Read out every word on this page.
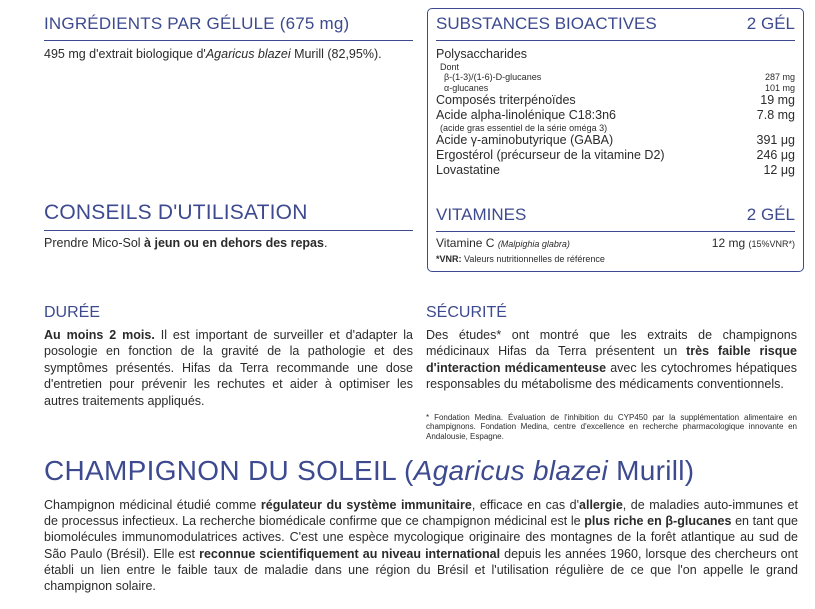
INGRÉDIENTS PAR GÉLULE (675 mg)

495 mg d'extrait biologique d'Agaricus blazei Murill (82,95%).

CONSEILS D'UTILISATION

Prendre Mico-Sol à jeun ou en dehors des repas.

DURÉE

Au moins 2 mois. Il est important de surveiller et d'adapter la posologie en fonction de la gravité de la pathologie et des symptômes présentés. Hifas da Terra recommande une dose d'entretien pour prévenir les rechutes et aider à optimiser les autres traitements appliqués.

SUBSTANCES BIOACTIVES	2 GÉL
Polysaccharides
Dont
β-(1-3)/(1-6)-D-glucanes	287 mg
α-glucanes	101 mg
Composés triterpénoïdes	19 mg
Acide alpha-linolénique C18:3n6	7.8 mg
(acide gras essentiel de la série oméga 3)
Acide γ-aminobutyrique (GABA)	391 μg
Ergostérol (précurseur de la vitamine D2)	246 μg
Lovastatine	12 μg
VITAMINES	2 GÉL
Vitamine C (Malpighia glabra)	12 mg (15%VNR*)
*VNR: Valeurs nutritionnelles de référence
SÉCURITÉ

Des études* ont montré que les extraits de champignons médicinaux Hifas da Terra présentent un très faible risque d'interaction médicamenteuse avec les cytochromes hépatiques responsables du métabolisme des médicaments conventionnels.

* Fondation Medina. Évaluation de l'inhibition du CYP450 par la supplémentation alimentaire en champignons. Fondation Medina, centre d'excellence en recherche pharmacologique innovante en Andalousie, Espagne.

CHAMPIGNON DU SOLEIL (Agaricus blazei Murill)

Champignon médicinal étudié comme régulateur du système immunitaire, efficace en cas d'allergie, de maladies auto-immunes et de processus infectieux. La recherche biomédicale confirme que ce champignon médicinal est le plus riche en β-glucanes en tant que biomolécules immunomodulatrices actives. C'est une espèce mycologique originaire des montagnes de la forêt atlantique au sud de São Paulo (Brésil). Elle est reconnue scientifiquement au niveau international depuis les années 1960, lorsque des chercheurs ont établi un lien entre le faible taux de maladie dans une région du Brésil et l'utilisation régulière de ce que l'on appelle le grand champignon solaire.
